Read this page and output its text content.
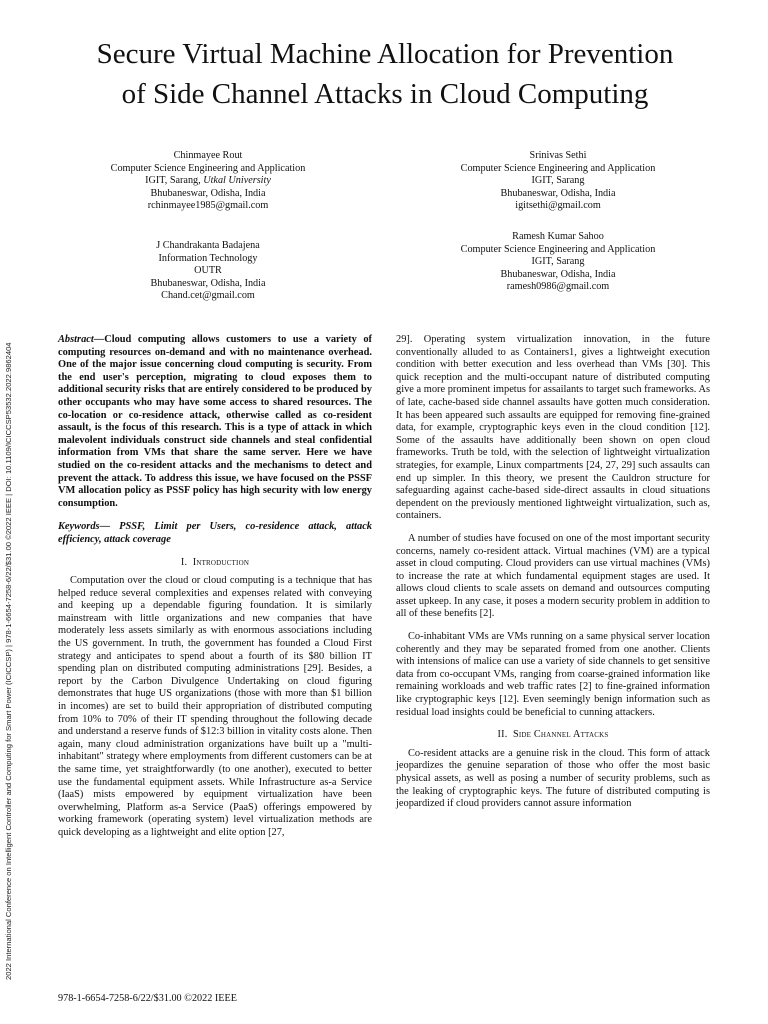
2022 International Conference on Intelligent Controller and Computing for Smart Power (ICICCSP) | 978-1-6654-7258-6/22/$31.00 ©2022 IEEE | DOI: 10.1109/ICICCSP53532.2022.9862404
Secure Virtual Machine Allocation for Prevention
of Side Channel Attacks in Cloud Computing
Chinmayee Rout
Computer Science Engineering and Application
IGIT, Sarang, Utkal University
Bhubaneswar, Odisha, India
rchinmayee1985@gmail.com
Srinivas Sethi
Computer Science Engineering and Application
IGIT, Sarang
Bhubaneswar, Odisha, India
igitsethi@gmail.com
J Chandrakanta Badajena
Information Technology
OUTR
Bhubaneswar, Odisha, India
Chand.cet@gmail.com
Ramesh Kumar Sahoo
Computer Science Engineering and Application
IGIT, Sarang
Bhubaneswar, Odisha, India
ramesh0986@gmail.com

Abstract—Cloud computing allows customers to use a variety of computing resources on-demand and with no maintenance overhead. One of the major issue concerning cloud computing is security. From the end user's perception, migrating to cloud exposes them to additional security risks that are entirely considered to be produced by other occupants who may have some access to shared resources. The co-location or co-residence attack, otherwise called as co-resident assault, is the focus of this research. This is a type of attack in which malevolent individuals construct side channels and steal confidential information from VMs that share the same server. Here we have studied on the co-resident attacks and the mechanisms to detect and prevent the attack. To address this issue, we have focused on the PSSF VM allocation policy as PSSF policy has high security with low energy consumption.

Keywords— PSSF, Limit per Users, co-residence attack, attack efficiency, attack coverage

I. Introduction

Computation over the cloud or cloud computing is a technique that has helped reduce several complexities and expenses related with conveying and keeping up a dependable figuring foundation. It is similarly mainstream with little organizations and new companies that have moderately less assets similarly as with enormous associations including the US government. In truth, the government has founded a Cloud First strategy and anticipates to spend about a fourth of its $80 billion IT spending plan on distributed computing administrations [29]. Besides, a report by the Carbon Divulgence Undertaking on cloud figuring demonstrates that huge US organizations (those with more than $1 billion in incomes) are set to build their appropriation of distributed computing from 10% to 70% of their IT spending throughout the following decade and understand a reserve funds of $12:3 billion in vitality costs alone. Then again, many cloud administration organizations have built up a "multi-inhabitant" strategy where employments from different customers can be at the same time, yet straightforwardly (to one another), executed to better use the fundamental equipment assets. While Infrastructure as-a Service (IaaS) mists empowered by equipment virtualization have been overwhelming, Platform as-a Service (PaaS) offerings empowered by working framework (operating system) level virtualization methods are quick developing as a lightweight and elite option [27,

29]. Operating system virtualization innovation, in the future conventionally alluded to as Containers1, gives a lightweight execution condition with better execution and less overhead than VMs [30]. This quick reception and the multi-occupant nature of distributed computing give a more prominent impetus for assailants to target such frameworks. As of late, cache-based side channel assaults have gotten much consideration. It has been appeared such assaults are equipped for removing fine-grained data, for example, cryptographic keys even in the cloud condition [12]. Some of the assaults have additionally been shown on open cloud frameworks. Truth be told, with the selection of lightweight virtualization strategies, for example, Linux compartments [24, 27, 29] such assaults can end up simpler. In this theory, we present the Cauldron structure for safeguarding against cache-based side-direct assaults in cloud situations dependent on the previously mentioned lightweight virtualization, such as, containers.

A number of studies have focused on one of the most important security concerns, namely co-resident attack. Virtual machines (VM) are a typical asset in cloud computing. Cloud providers can use virtual machines (VMs) to increase the rate at which fundamental equipment stages are used. It allows cloud clients to scale assets on demand and outsources computing asset upkeep. In any case, it poses a modern security problem in addition to all of these benefits [2].

Co-inhabitant VMs are VMs running on a same physical server location coherently and they may be separated fromed from one another. Clients with intensions of malice can use a variety of side channels to get sensitive data from co-occupant VMs, ranging from coarse-grained information like remaining workloads and web traffic rates [2] to fine-grained information like cryptographic keys [12]. Even seemingly benign information such as residual load insights could be beneficial to cunning attackers.

II. Side Channel Attacks

Co-resident attacks are a genuine risk in the cloud. This form of attack jeopardizes the genuine separation of those who offer the most basic physical assets, as well as posing a number of security problems, such as the leaking of cryptographic keys. The future of distributed computing is jeopardized if cloud providers cannot assure information

978-1-6654-7258-6/22/$31.00 ©2022 IEEE
